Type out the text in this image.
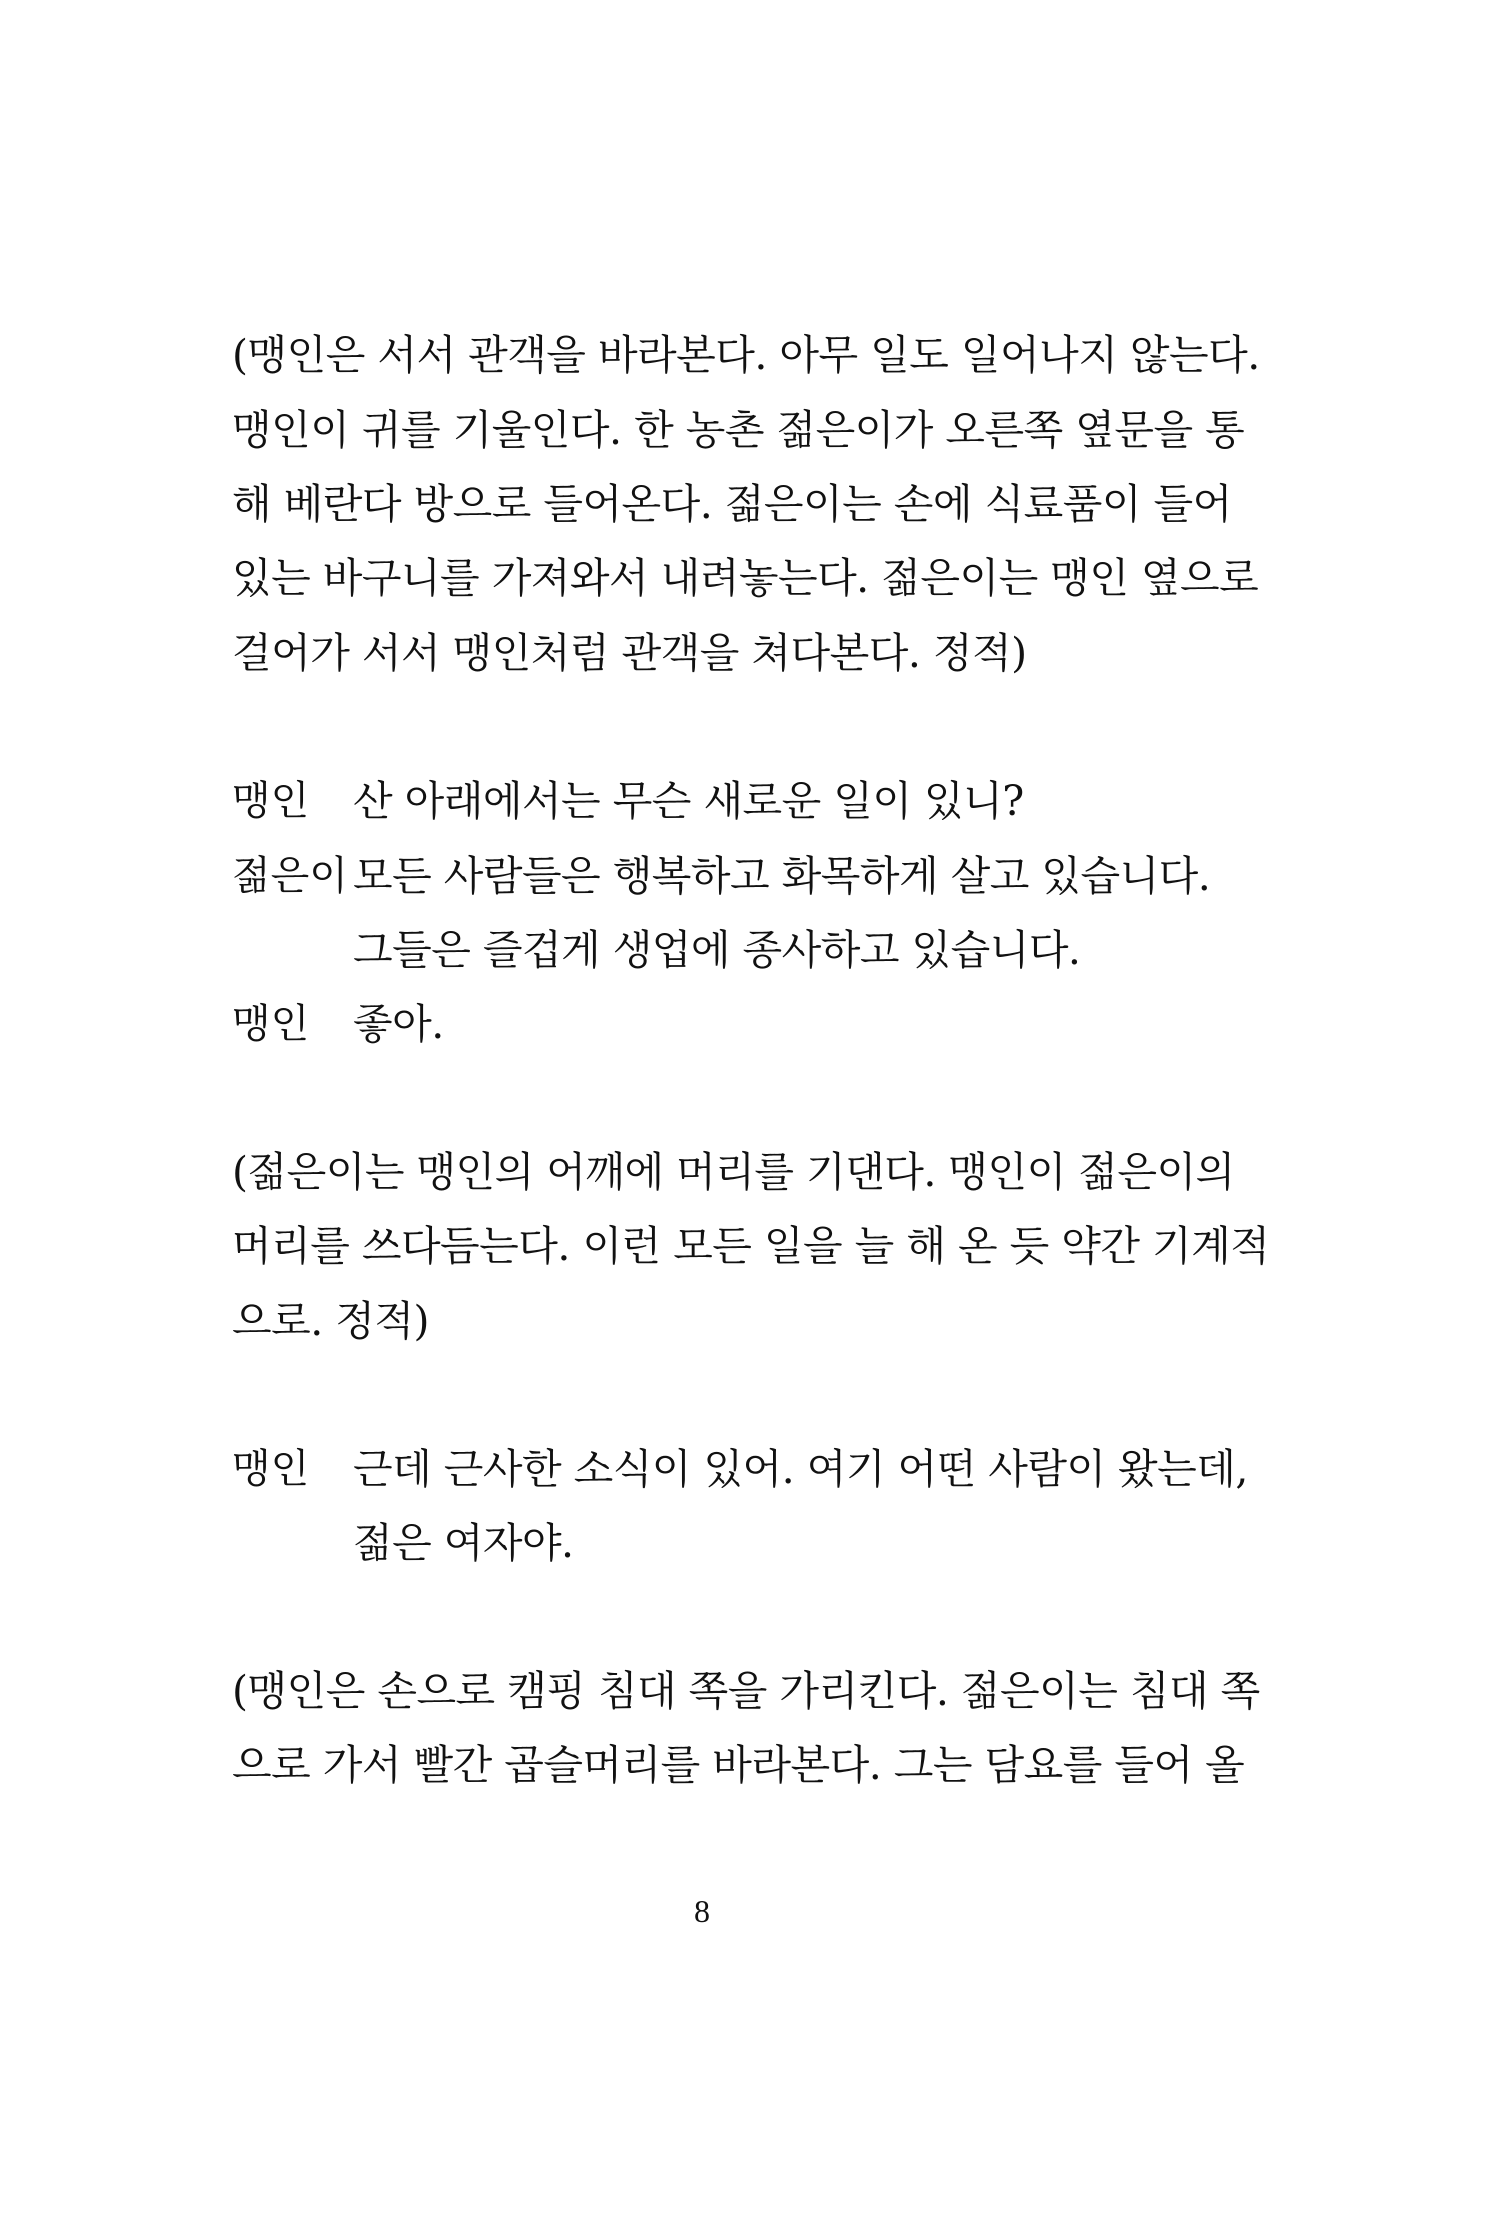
(맹인은 서서 관객을 바라본다. 아무 일도 일어나지 않는다.
맹인이 귀를 기울인다. 한 농촌 젊은이가 오른쪽 옆문을 통
해 베란다 방으로 들어온다. 젊은이는 손에 식료품이 들어
있는 바구니를 가져와서 내려놓는다. 젊은이는 맹인 옆으로
걸어가 서서 맹인처럼 관객을 쳐다본다. 정적)
맹인 산 아래에서는 무슨 새로운 일이 있니?
젊은이 모든 사람들은 행복하고 화목하게 살고 있습니다.
그들은 즐겁게 생업에 종사하고 있습니다.
맹인 좋아.
(젊은이는 맹인의 어깨에 머리를 기댄다. 맹인이 젊은이의
머리를 쓰다듬는다. 이런 모든 일을 늘 해 온 듯 약간 기계적
으로. 정적)
맹인 근데 근사한 소식이 있어. 여기 어떤 사람이 왔는데,
젊은 여자야.
(맹인은 손으로 캠핑 침대 쪽을 가리킨다. 젊은이는 침대 쪽
으로 가서 빨간 곱슬머리를 바라본다. 그는 담요를 들어 올
8
